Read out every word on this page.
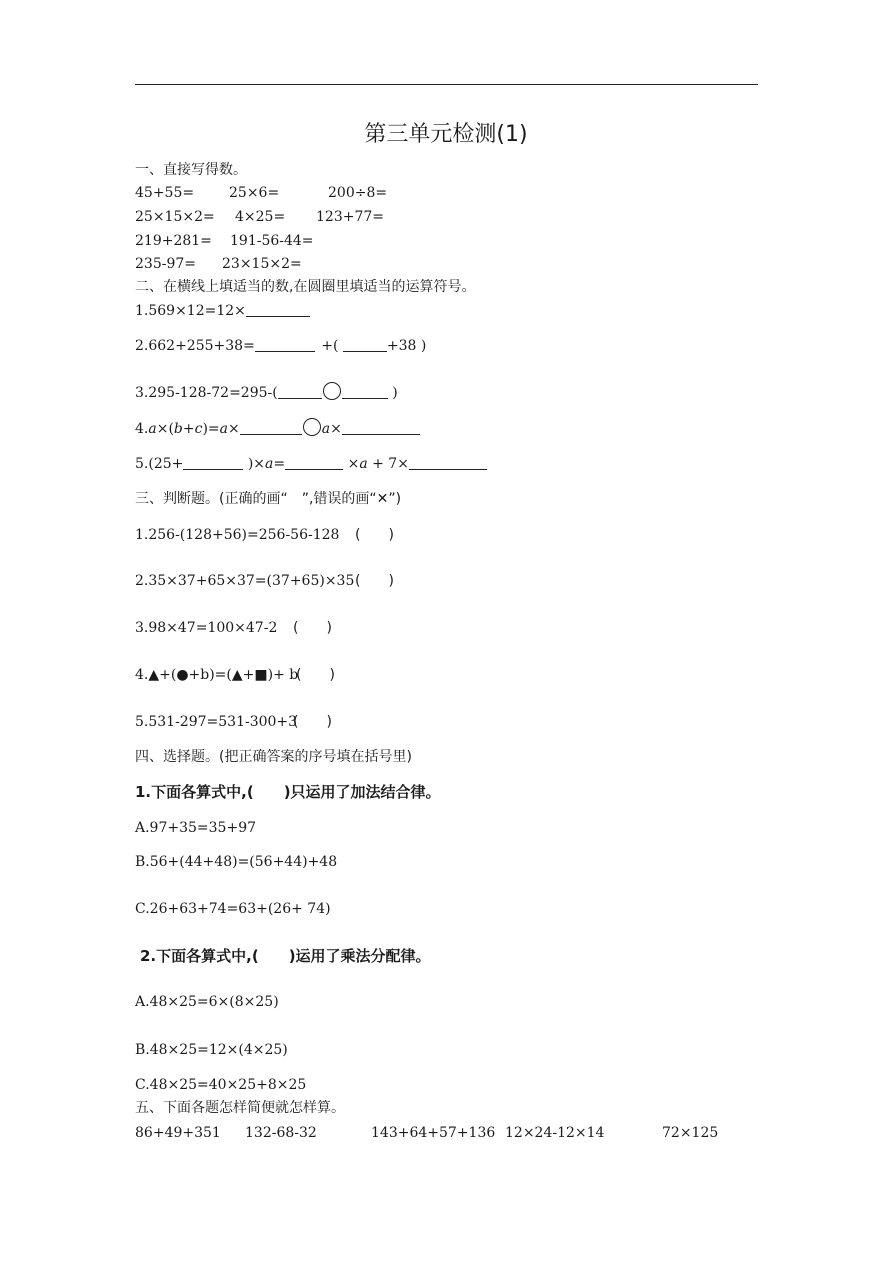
第三单元检测(1)
一、直接写得数。
45+55= 25×6=	200÷8=
25×15×2= 4×25= 123+77=
219+281= 191-56-44=
235-97= 23×15×2=
二、在横线上填适当的数,在圆圈里填适当的运算符号。
1.569×12=12×
2.662+255+38=	+(	+38 )
3.295-128-72=295-(	)
4.a×(b+c)=a×	a×
5.(25+	)×a=	×a + 7×
三、判断题。(正确的画“　”,错误的画“✕”)
1.256-(128+56)=256-56-128 (　　)
2.35×37+65×37=(37+65)×35 (　　)
3.98×47=100×47-2 (　　)
4.▲+(●+b)=(▲+■)+ b
(　　)
5.531-297=531-300+3
(　　)
四、选择题。(把正确答案的序号填在括号里)
1.下面各算式中,(　　)只运用了加法结合律。
A.97+35=35+97
B.56+(44+48)=(56+44)+48
C.26+63+74=63+(26+ 74)
2.下面各算式中,(　　)运用了乘法分配律。
A.48×25=6×(8×25)
B.48×25=12×(4×25)
C.48×25=40×25+8×25
五、下面各题怎样简便就怎样算。
86+49+351 132-68-32	143+64+57+136 12×24-12×14	72×125
